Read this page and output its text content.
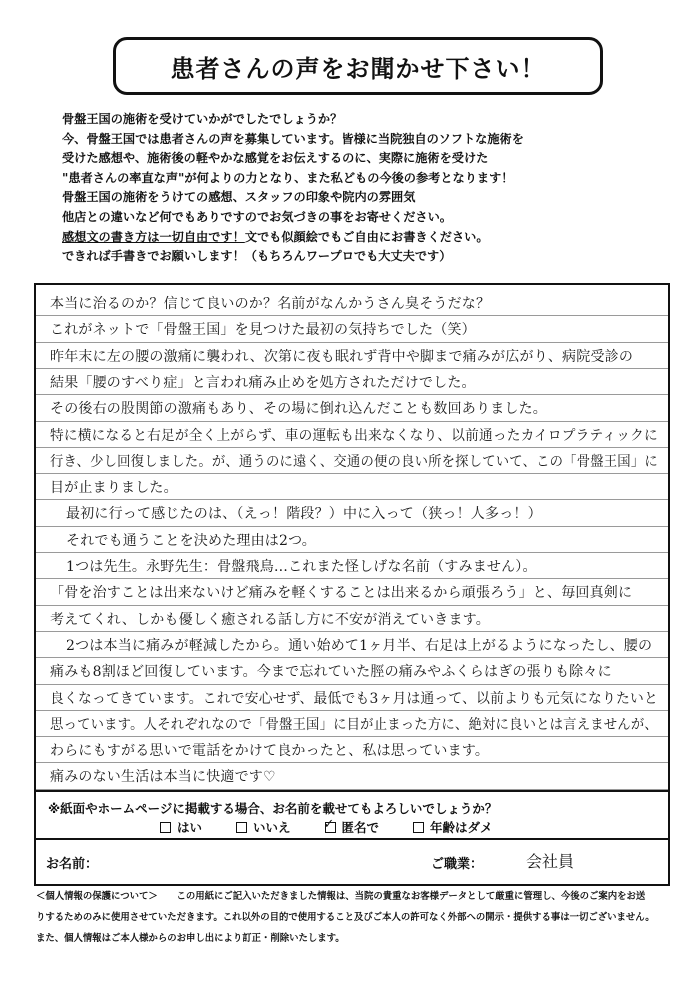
患者さんの声をお聞かせ下さい！
骨盤王国の施術を受けていかがでしたでしょうか？
今、骨盤王国では患者さんの声を募集しています。皆様に当院独自のソフトな施術を
受けた感想や、施術後の軽やかな感覚をお伝えするのに、実際に施術を受けた
"患者さんの率直な声"が何よりの力となり、また私どもの今後の参考となります！
骨盤王国の施術をうけての感想、スタッフの印象や院内の雰囲気
他店との違いなど何でもありですのでお気づきの事をお寄せください。
感想文の書き方は一切自由です！文でも似顔絵でもご自由にお書きください。
できれば手書きでお願いします！（もちろんワープロでも大丈夫です）
本当に治るのか？信じて良いのか？名前がなんかうさん臭そうだな？
これがネットで「骨盤王国」を見つけた最初の気持ちでした（笑）
昨年末に左の腰の激痛に襲われ、次第に夜も眠れず背中や脚まで痛みが広がり、病院受診の
結果「腰のすべり症」と言われ痛み止めを処方されただけでした。
その後右の股関節の激痛もあり、その場に倒れ込んだことも数回ありました。
特に横になると右足が全く上がらず、車の運転も出来なくなり、以前通ったカイロプラティックに
行き、少し回復しました。が、通うのに遠く、交通の便の良い所を探していて、この「骨盤王国」に
目が止まりました。
最初に行って感じたのは、（えっ！階段？）中に入って（狭っ！人多っ！）
それでも通うことを決めた理由は2つ。
1つは先生。永野先生：骨盤飛鳥…これまた怪しげな名前（すみません）。
「骨を治すことは出来ないけど痛みを軽くすることは出来るから頑張ろう」と、毎回真剣に
考えてくれ、しかも優しく癒される話し方に不安が消えていきます。
2つは本当に痛みが軽減したから。通い始めて1ヶ月半、右足は上がるようになったし、腰の
痛みも8割ほど回復しています。今まで忘れていた脛の痛みやふくらはぎの張りも除々に
良くなってきています。これで安心せず、最低でも3ヶ月は通って、以前よりも元気になりたいと
思っています。人それぞれなので「骨盤王国」に目が止まった方に、絶対に良いとは言えませんが、
わらにもすがる思いで電話をかけて良かったと、私は思っています。
痛みのない生活は本当に快適です♡
※紙面やホームページに掲載する場合、お名前を載せてもよろしいでしょうか？
はい	いいえ	✓ 匿名で	年齢はダメ
お名前：	ご職業：	会社員
＜個人情報の保護について＞　　この用紙にご記入いただきました情報は、当院の貴重なお客様データとして厳重に管理し、今後のご案内をお送
りするためのみに使用させていただきます。これ以外の目的で使用すること及びご本人の許可なく外部への開示・提供する事は一切ございません。
また、個人情報はご本人様からのお申し出により訂正・削除いたします。
